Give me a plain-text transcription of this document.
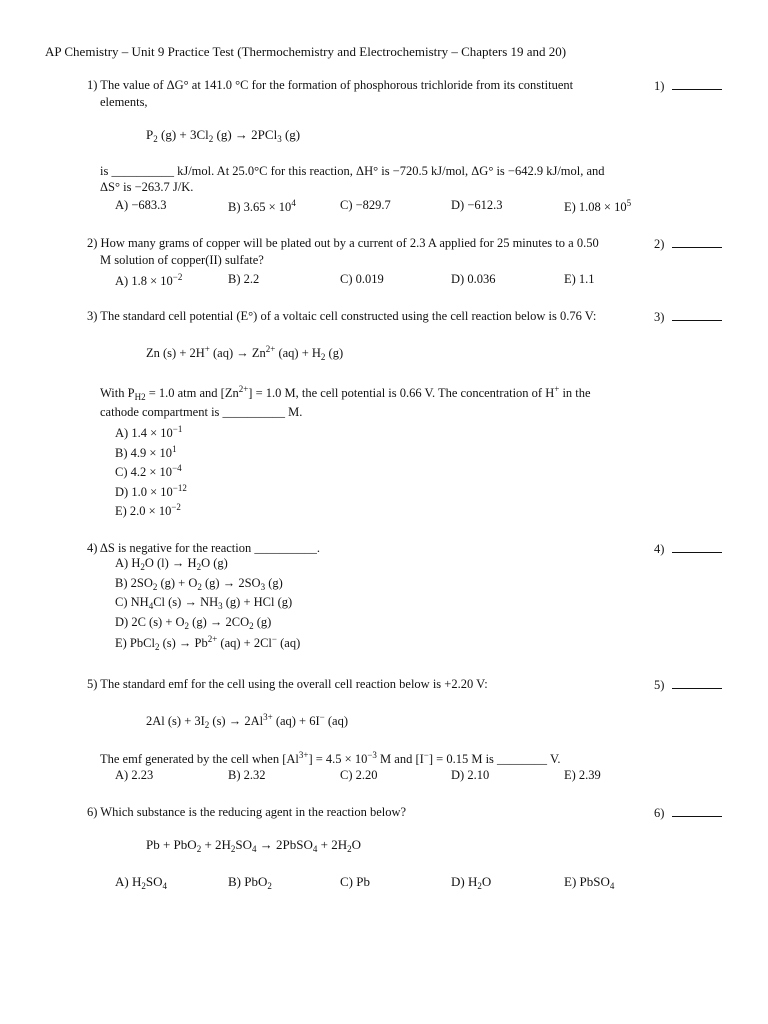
AP Chemistry – Unit 9 Practice Test (Thermochemistry and Electrochemistry – Chapters 19 and 20)
1) The value of ΔG° at 141.0 °C for the formation of phosphorous trichloride from its constituent
elements,
$P_2$ $(g) + 3Cl_2$ (g) → 2PCl$_3$ (g)
is __________ kJ/mol. At 25.0°C for this reaction, ΔH° is −720.5 kJ/mol, ΔG° is −642.9 kJ/mol, and
ΔS° is −263.7 J/K.
A) −683.3	B) $3.65 \times 10^4$	C) −829.7	D) −612.3	E) $1.08 \times 10^5$
1)
2) How many grams of copper will be plated out by a current of 2.3 A applied for 25 minutes to a 0.50
M solution of copper(II) sulfate?
A) $1.8 \times 10^{-2}$	B) 2.2	C) 0.019	D) 0.036	E) 1.1
2)
3) The standard cell potential (E°) of a voltaic cell constructed using the cell reaction below is 0.76 V:
Zn (s) + 2H+ $(aq) \to Zn^{2+}$ $(aq) + H_2$ (g)
With $P_{H2} = 1.0$ atm and $[Zn^{2+}] = 1.0$ M, the cell potential is 0.66 V. The concentration of H+ in the
cathode compartment is __________ M.
A) $1.4 \times 10^{-1}$
B) $4.9 \times 10^1$
C) $4.2 \times 10^{-4}$
D) $1.0 \times 10^{-12}$
E) $2.0 \times 10^{-2}$
3)
4) ΔS is negative for the reaction __________.
A) $H_2O$ $(l) \to H_2O$ (g)
B) $2SO_2$ $(g) + O_2$ $(g) \to 2SO_3$ (g)
C) $NH_4Cl$ $(s) \to NH_3$ (g) + HCl (g)
D) 2C $(s) + O_2$ $(g) \to 2CO_2$ (g)
E) PbCl$_2$ $(s) \to Pb^{2+}$ (aq) + 2Cl− (aq)
4)
5) The standard emf for the cell using the overall cell reaction below is +2.20 V:
2Al $(s) + 3I_2$ $(s) \to 2Al^{3+}$ (aq) + 6I− (aq)
The emf generated by the cell when $[Al^{3+}] = 4.5 \times 10^{-3}$ M and [I−] = 0.15 M is ________ V.
A) 2.23	B) 2.32	C) 2.20	D) 2.10	E) 2.39
5)
6) Which substance is the reducing agent in the reaction below?
$Pb + PbO_2 + 2H_2SO_4$ → 2PbSO$_4$ + $2H_2O$
A) $H_2SO_4$	B) PbO$_2$	C) Pb	D) $H_2O$	E) PbSO$_4$
6)
